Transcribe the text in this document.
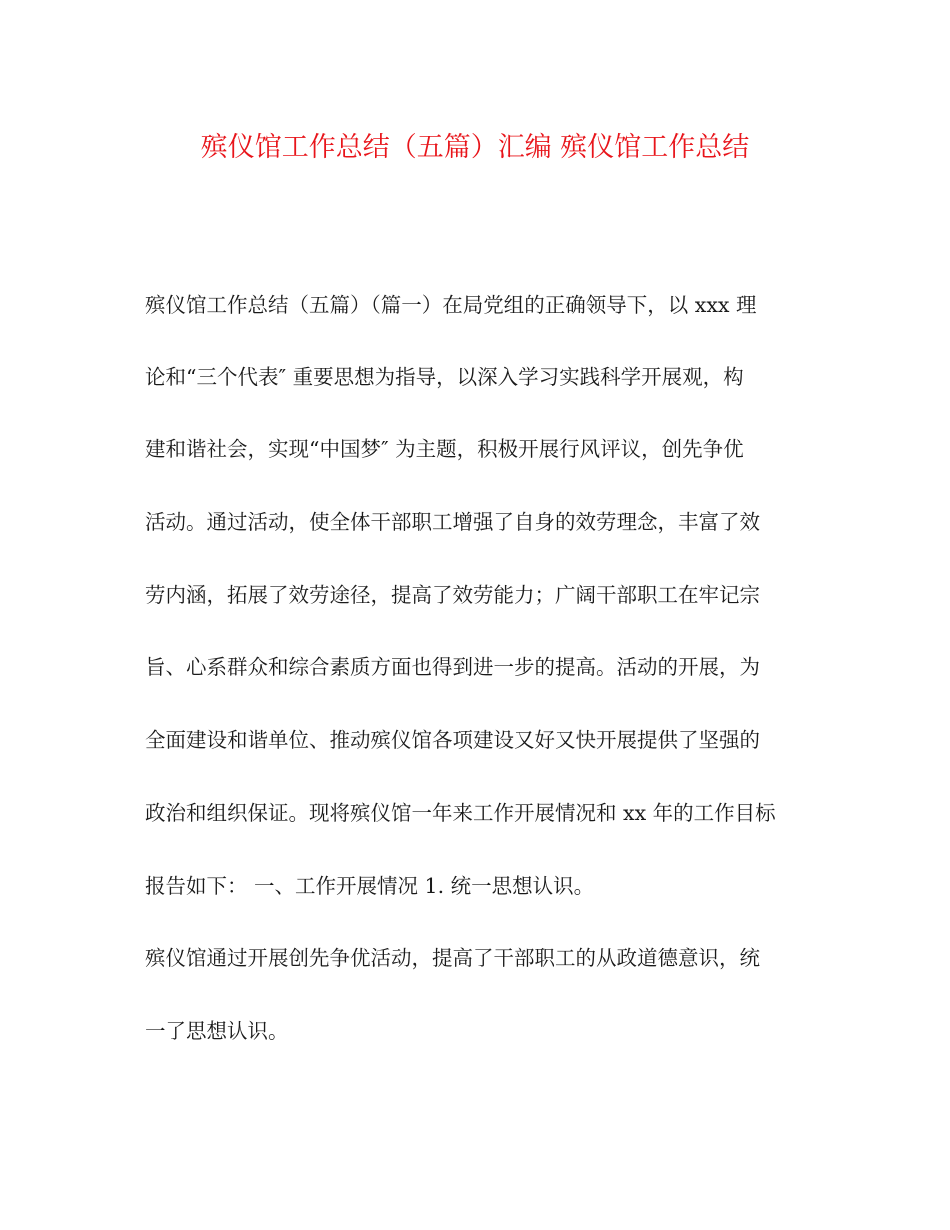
殡仪馆工作总结（五篇）汇编 殡仪馆工作总结
殡仪馆工作总结（五篇）（篇一）在局党组的正确领导下，以 xxx 理
论和“三个代表″ 重要思想为指导，以深入学习实践科学开展观，构
建和谐社会，实现“中国梦″ 为主题，积极开展行风评议，创先争优
活动。通过活动，使全体干部职工增强了自身的效劳理念，丰富了效
劳内涵，拓展了效劳途径，提高了效劳能力；广阔干部职工在牢记宗
旨、心系群众和综合素质方面也得到进一步的提高。活动的开展，为
全面建设和谐单位、推动殡仪馆各项建设又好又快开展提供了坚强的
政治和组织保证。现将殡仪馆一年来工作开展情况和 xx 年的工作目标
报告如下： 一、工作开展情况 1. 统一思想认识。
殡仪馆通过开展创先争优活动，提高了干部职工的从政道德意识，统
一了思想认识。
